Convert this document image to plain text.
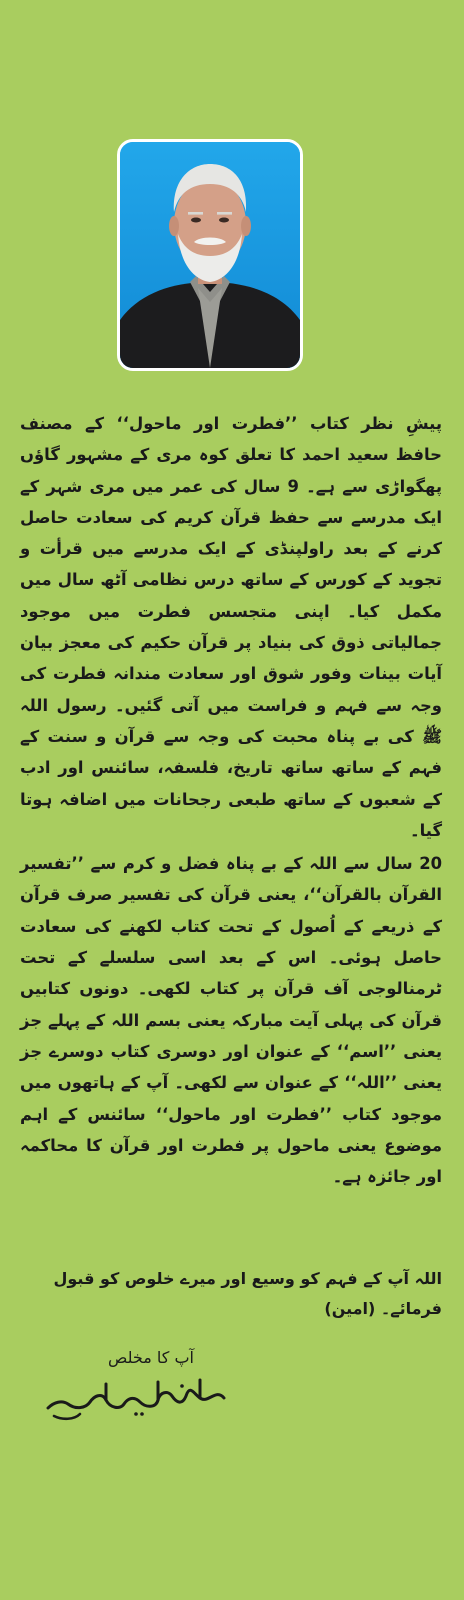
پیشِ نظر کتاب ’’فطرت اور ماحول‘‘ کے مصنف حافظ سعید احمد کا تعلق کوہ مری کے مشہور گاؤں پھگواڑی سے ہے۔ 9 سال کی عمر میں مری شہر کے ایک مدرسے سے حفظ قرآن کریم کی سعادت حاصل کرنے کے بعد راولپنڈی کے ایک مدرسے میں قرأت و تجوید کے کورس کے ساتھ درس نظامی آٹھ سال میں مکمل کیا۔ اپنی متجسس فطرت میں موجود جمالیاتی ذوق کی بنیاد پر قرآن حکیم کی معجز بیان آیات بینات وفور شوق اور سعادت مندانہ فطرت کی وجہ سے فہم و فراست میں آتی گئیں۔ رسول اللہ ﷺ کی بے پناہ محبت کی وجہ سے قرآن و سنت کے فہم کے ساتھ ساتھ تاریخ، فلسفہ، سائنس اور ادب کے شعبوں کے ساتھ طبعی رجحانات میں اضافہ ہوتا گیا۔

20 سال سے اللہ کے بے پناہ فضل و کرم سے ’’تفسیر القرآن بالقرآن‘‘، یعنی قرآن کی تفسیر صرف قرآن کے ذریعے کے اُصول کے تحت کتاب لکھنے کی سعادت حاصل ہوئی۔ اس کے بعد اسی سلسلے کے تحت ٹرمنالوجی آف قرآن پر کتاب لکھی۔ دونوں کتابیں قرآن کی پہلی آیت مبارکہ یعنی بسم اللہ کے پہلے جز یعنی ’’اسم‘‘ کے عنوان اور دوسری کتاب دوسرے جز یعنی ’’اللہ‘‘ کے عنوان سے لکھی۔ آپ کے ہاتھوں میں موجود کتاب ’’فطرت اور ماحول‘‘ سائنس کے اہم موضوع یعنی ماحول پر فطرت اور قرآن کا محاکمہ اور جائزہ ہے۔

اللہ آپ کے فہم کو وسیع اور میرے خلوص کو قبول فرمائے۔ (امین)
آپ کا مخلص
